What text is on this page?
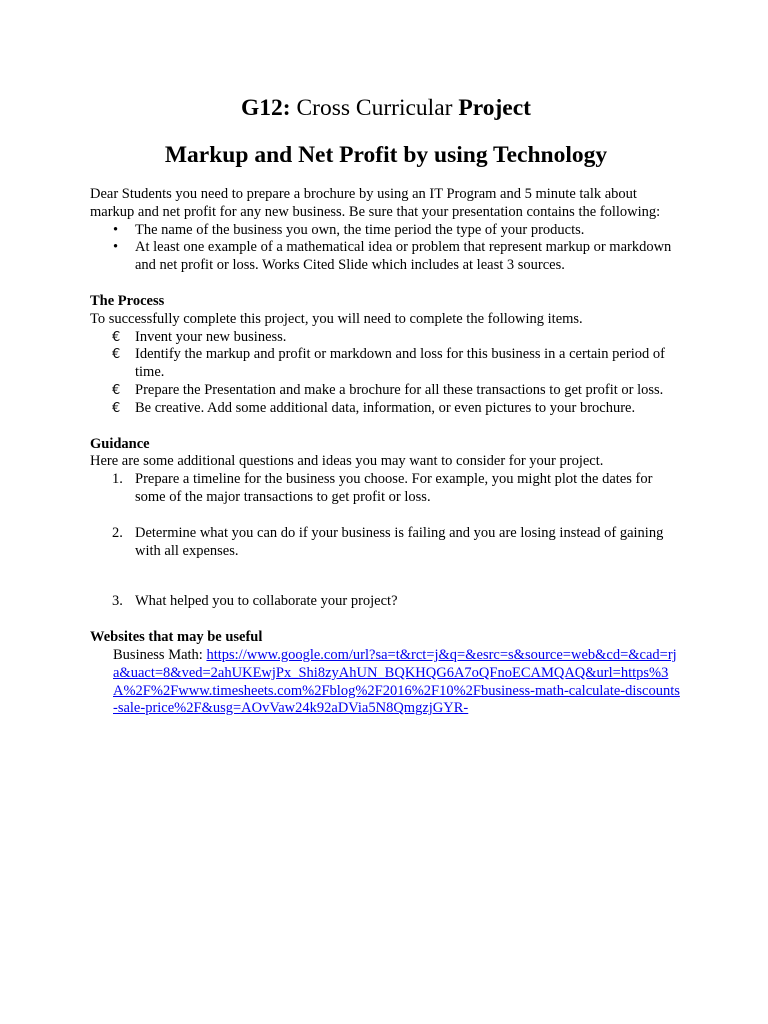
G12: Cross Curricular Project
Markup and Net Profit by using Technology

Dear Students you need to prepare a brochure by using an IT Program and 5 minute talk about markup and net profit for any new business. Be sure that your presentation contains the following:

• The name of the business you own, the time period the type of your products.
• At least one example of a mathematical idea or problem that represent markup or markdown and net profit or loss. Works Cited Slide which includes at least 3 sources.

The Process

To successfully complete this project, you will need to complete the following items.

€ Invent your new business.
€ Identify the markup and profit or markdown and loss for this business in a certain period of time.
€ Prepare the Presentation and make a brochure for all these transactions to get profit or loss.
€ Be creative. Add some additional data, information, or even pictures to your brochure.

Guidance

Here are some additional questions and ideas you may want to consider for your project.

1. Prepare a timeline for the business you choose. For example, you might plot the dates for some of the major transactions to get profit or loss.
2. Determine what you can do if your business is failing and you are losing instead of gaining with all expenses.
3. What helped you to collaborate your project?

Websites that may be useful

Business Math: https://www.google.com/url?sa=t&rct=j&q=&esrc=s&source=web&cd=&cad=rja&uact=8&ved=2ahUKEwjPx_Shi8zyAhUN_BQKHQG6A7oQFnoECAMQAQ&url=https%3A%2F%2Fwww.timesheets.com%2Fblog%2F2016%2F10%2Fbusiness-math-calculate-discounts-sale-price%2F&usg=AOvVaw24k92aDVia5N8QmgzjGYR-
